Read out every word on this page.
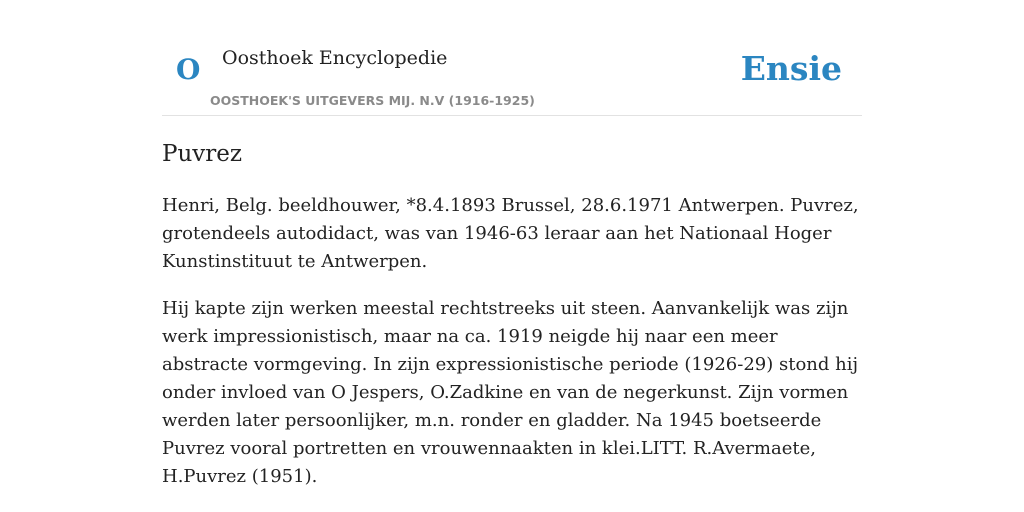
O Oosthoek Encyclopedie
OOSTHOEK'S UITGEVERS MIJ. N.V (1916-1925)
Ensie
Puvrez

Henri, Belg. beeldhouwer, *8.4.1893 Brussel, 28.6.1971 Antwerpen. Puvrez, grotendeels autodidact, was van 1946-63 leraar aan het Nationaal Hoger Kunstinstituut te Antwerpen.

Hij kapte zijn werken meestal rechtstreeks uit steen. Aanvankelijk was zijn werk impressionistisch, maar na ca. 1919 neigde hij naar een meer abstracte vormgeving. In zijn expressionistische periode (1926-29) stond hij onder invloed van O Jespers, O.Zadkine en van de negerkunst. Zijn vormen werden later persoonlijker, m.n. ronder en gladder. Na 1945 boetseerde Puvrez vooral portretten en vrouwennaakten in klei.LITT. R.Avermaete, H.Puvrez (1951).
